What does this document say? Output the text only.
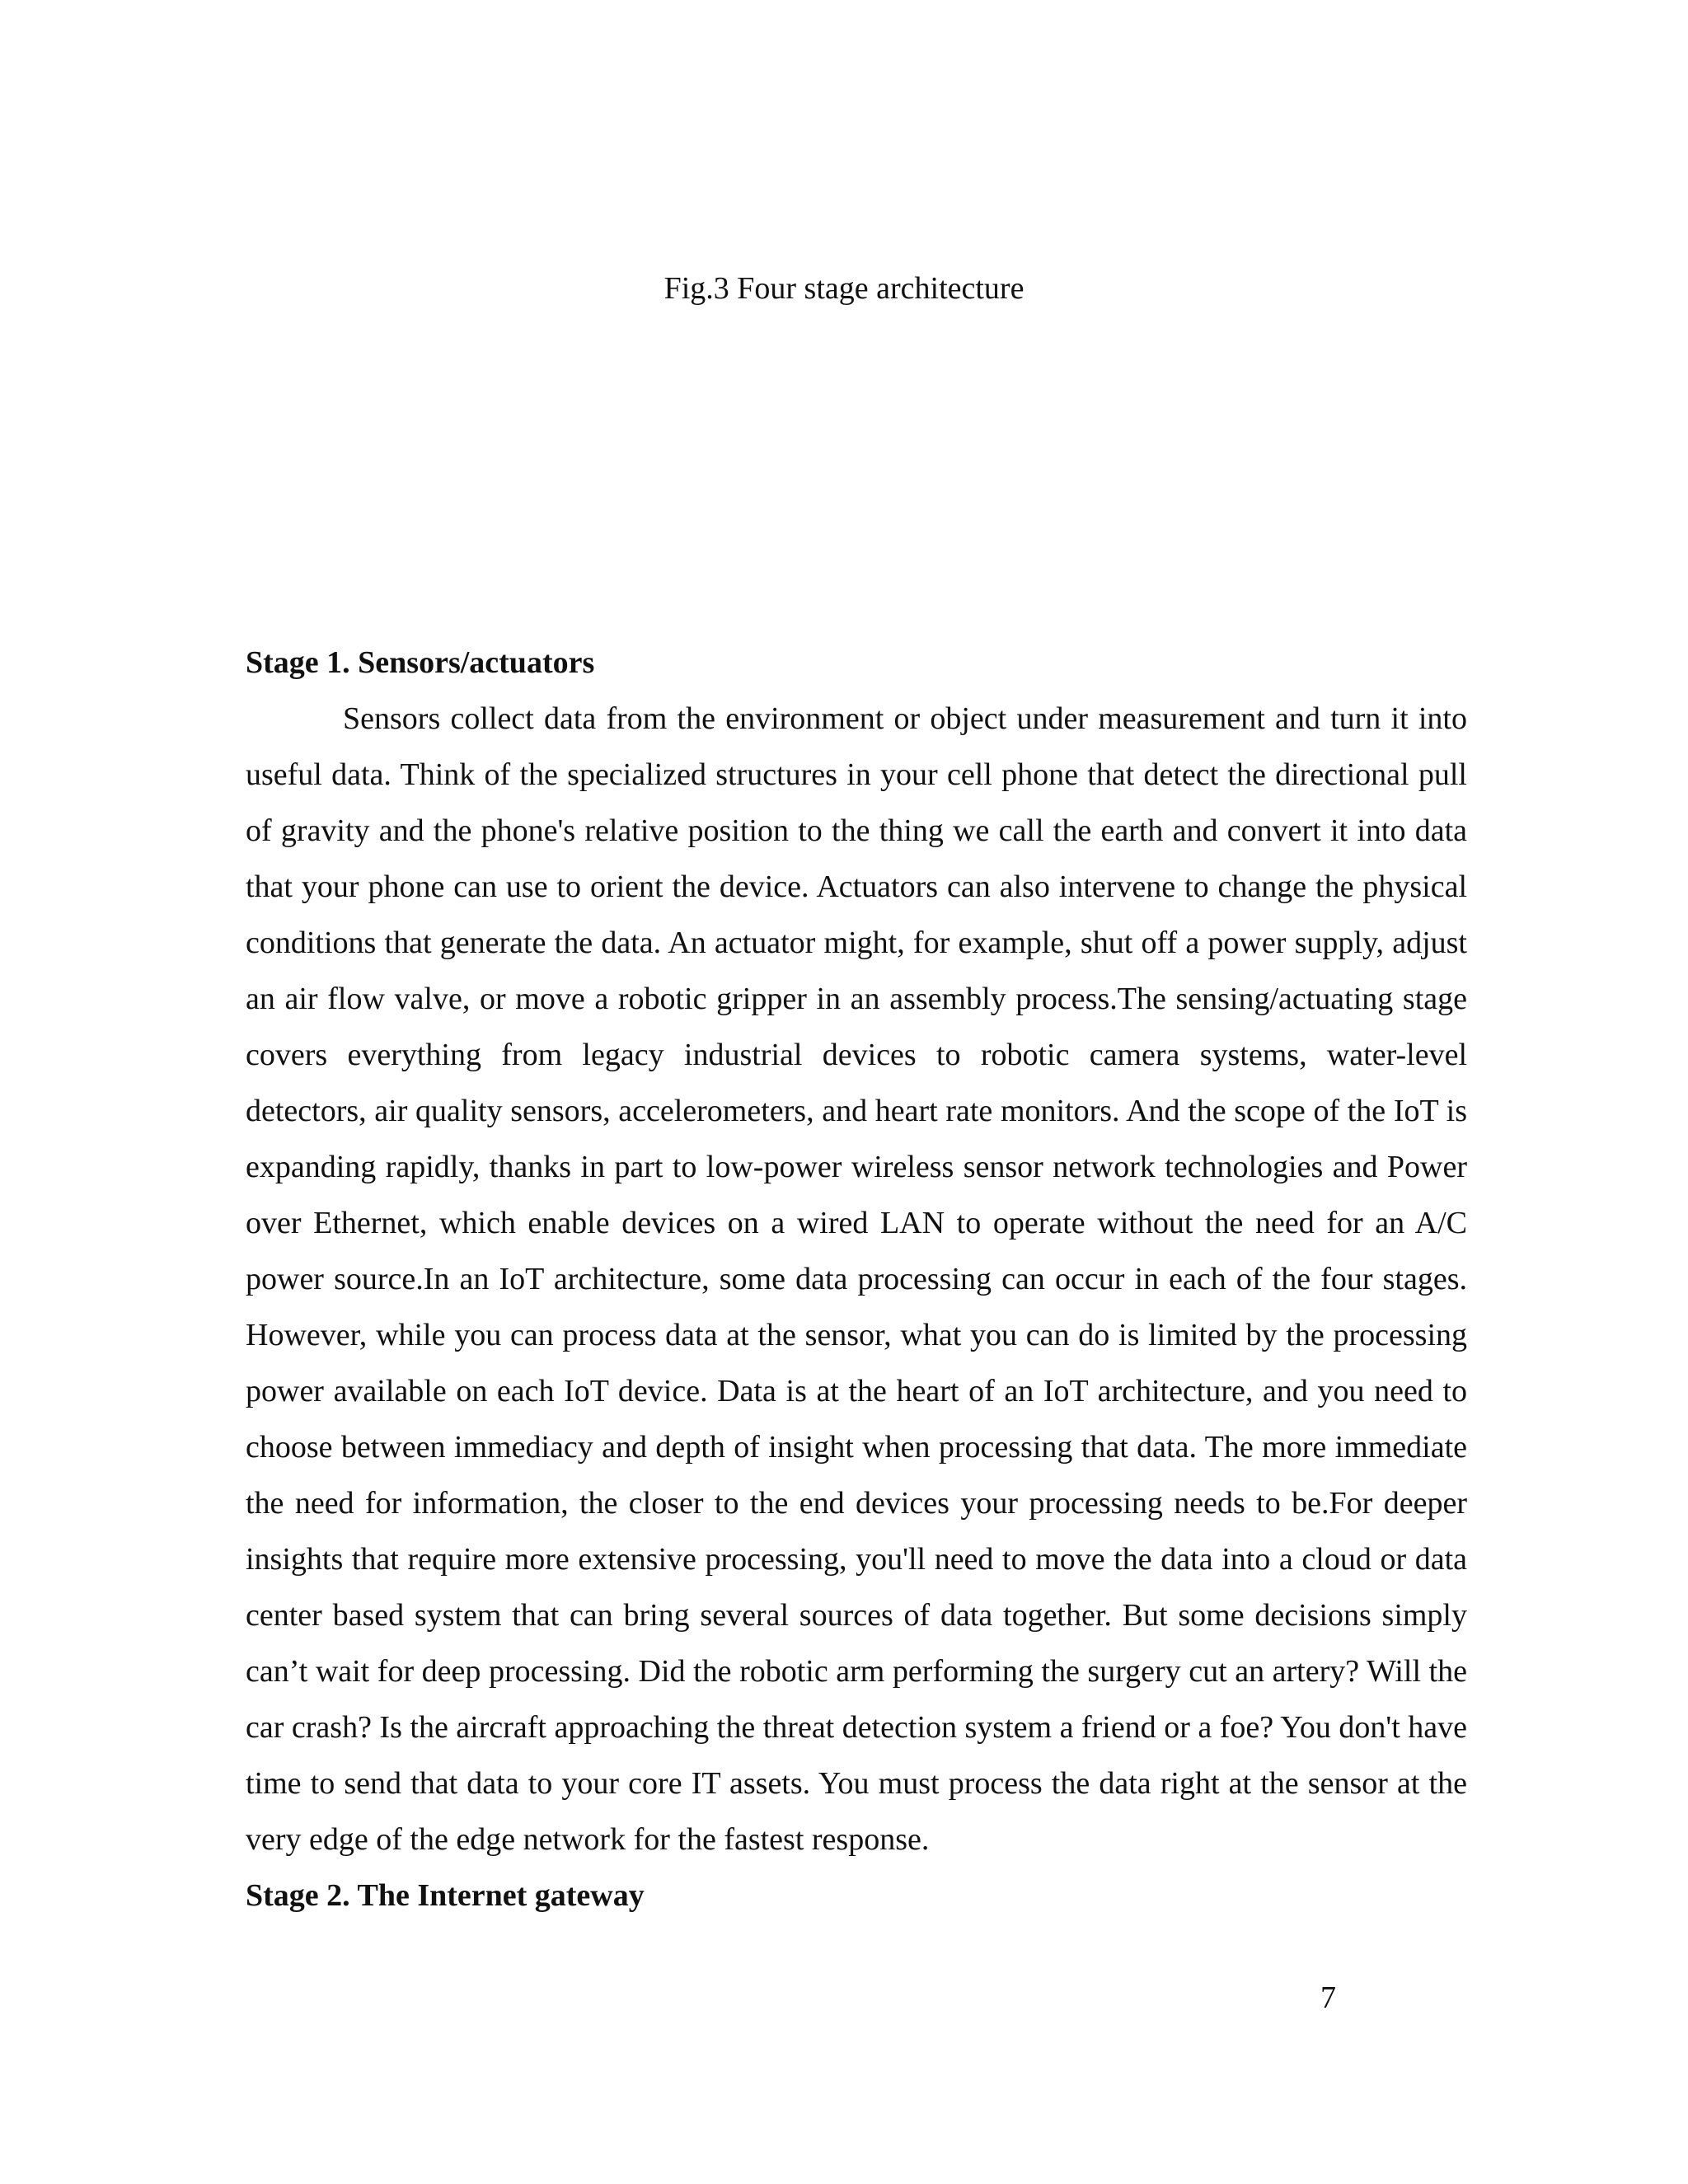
Fig.3 Four stage architecture
Stage 1. Sensors/actuators

Sensors collect data from the environment or object under measurement and turn it into useful data. Think of the specialized structures in your cell phone that detect the directional pull of gravity and the phone's relative position to the thing we call the earth and convert it into data that your phone can use to orient the device. Actuators can also intervene to change the physical conditions that generate the data. An actuator might, for example, shut off a power supply, adjust an air flow valve, or move a robotic gripper in an assembly process.The sensing/actuating stage covers everything from legacy industrial devices to robotic camera systems, water-level detectors, air quality sensors, accelerometers, and heart rate monitors. And the scope of the IoT is expanding rapidly, thanks in part to low-power wireless sensor network technologies and Power over Ethernet, which enable devices on a wired LAN to operate without the need for an A/C power source.In an IoT architecture, some data processing can occur in each of the four stages. However, while you can process data at the sensor, what you can do is limited by the processing power available on each IoT device. Data is at the heart of an IoT architecture, and you need to choose between immediacy and depth of insight when processing that data. The more immediate the need for information, the closer to the end devices your processing needs to be.For deeper insights that require more extensive processing, you'll need to move the data into a cloud or data center based system that can bring several sources of data together. But some decisions simply can’t wait for deep processing. Did the robotic arm performing the surgery cut an artery? Will the car crash? Is the aircraft approaching the threat detection system a friend or a foe? You don't have time to send that data to your core IT assets. You must process the data right at the sensor at the very edge of the edge network for the fastest response.

Stage 2. The Internet gateway
7
